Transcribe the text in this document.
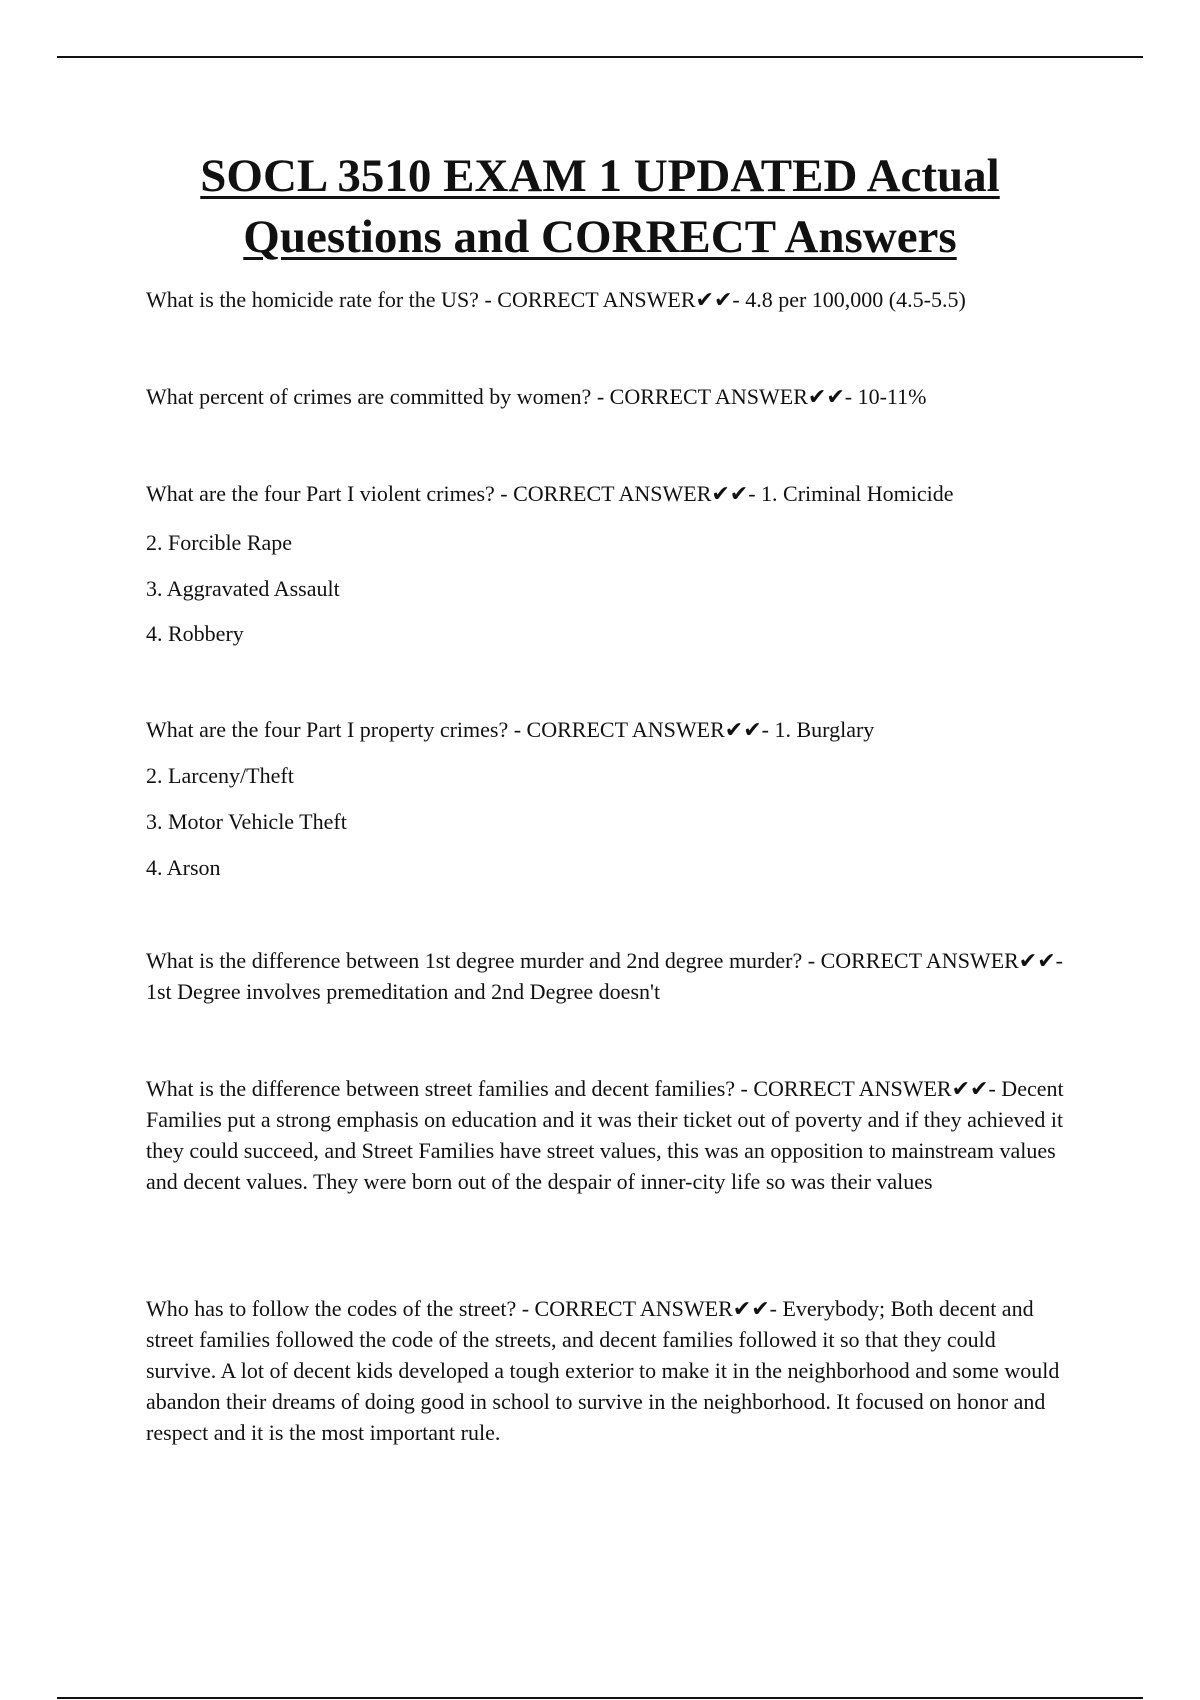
SOCL 3510 EXAM 1 UPDATED Actual
Questions and CORRECT Answers

What is the homicide rate for the US? - CORRECT ANSWER✔✔- 4.8 per 100,000 (4.5-5.5)

What percent of crimes are committed by women? - CORRECT ANSWER✔✔- 10-11%

What are the four Part I violent crimes? - CORRECT ANSWER✔✔- 1. Criminal Homicide

2. Forcible Rape
3. Aggravated Assault
4. Robbery

What are the four Part I property crimes? - CORRECT ANSWER✔✔- 1. Burglary

2. Larceny/Theft
3. Motor Vehicle Theft
4. Arson

What is the difference between 1st degree murder and 2nd degree murder? - CORRECT ANSWER✔✔- 1st Degree involves premeditation and 2nd Degree doesn't

What is the difference between street families and decent families? - CORRECT ANSWER✔✔- Decent Families put a strong emphasis on education and it was their ticket out of poverty and if they achieved it they could succeed, and Street Families have street values, this was an opposition to mainstream values and decent values. They were born out of the despair of inner-city life so was their values

Who has to follow the codes of the street? - CORRECT ANSWER✔✔- Everybody; Both decent and street families followed the code of the streets, and decent families followed it so that they could survive. A lot of decent kids developed a tough exterior to make it in the neighborhood and some would abandon their dreams of doing good in school to survive in the neighborhood. It focused on honor and respect and it is the most important rule.
